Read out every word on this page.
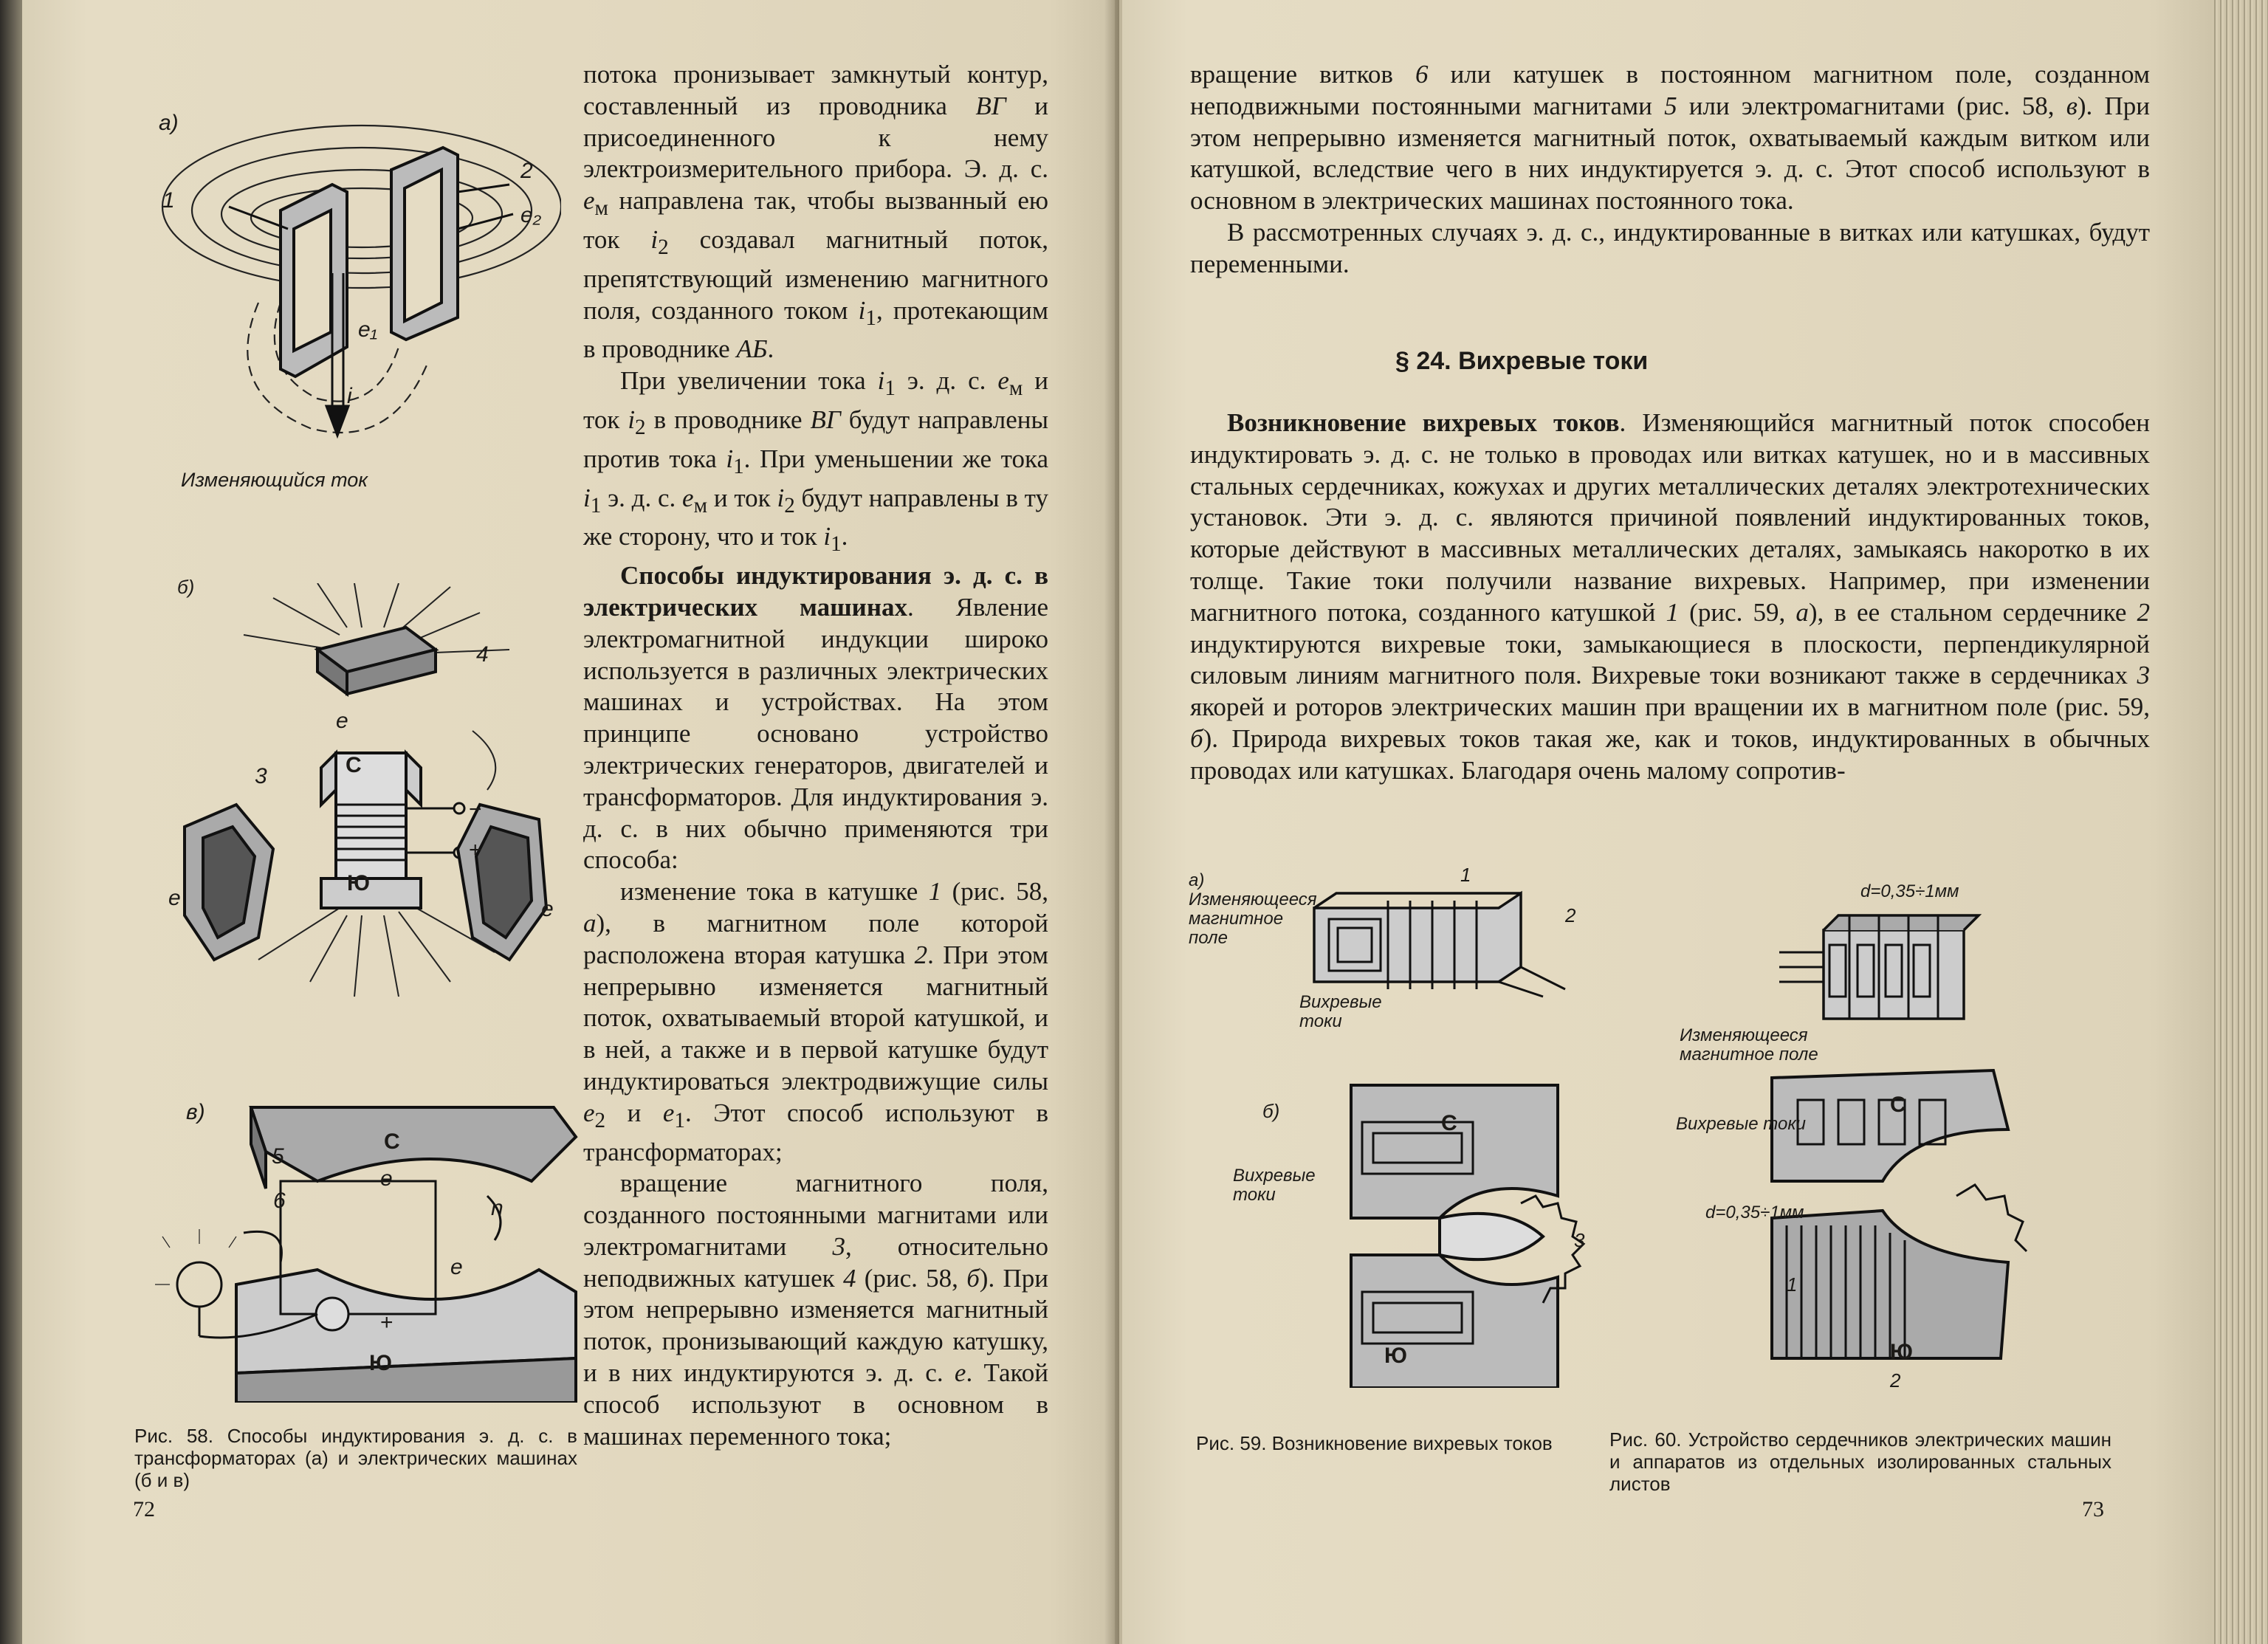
а)
1
2
e₂
e₁
i
Изменяющийся ток
б)
4
e
С
3
−
+
Ю
e	e
в)
5
6
С
e
n
e
+
Ю
Рис. 58. Способы индуктирования э. д. с. в трансформаторах (а) и электрических машинах (б и в)
72

потока пронизывает замкнутый контур, составленный из проводника ВГ и присоединенного к нему электроизмерительного прибора. Э. д. с. $e_м$ направлена так, чтобы вызванный ею ток $i_2$ создавал магнитный поток, препятствующий изменению магнитного поля, созданного током $i_1$, протекающим в проводнике АБ.

При увеличении тока $i_1$ э. д. с. $e_м$ и ток $i_2$ в проводнике ВГ будут направлены против тока $i_1$. При уменьшении же тока $i_1$ э. д. с. $e_м$ и ток $i_2$ будут направлены в ту же сторону, что и ток $i_1$.

Способы индуктирования э. д. с. в электрических машинах. Явление электромагнитной индукции широко используется в различных электрических машинах и устройствах. На этом принципе основано устройство электрических генераторов, двигателей и трансформаторов. Для индуктирования э. д. с. в них обычно применяются три способа:

изменение тока в катушке 1 (рис. 58, а), в магнитном поле которой расположена вторая катушка 2. При этом непрерывно изменяется магнитный поток, охватываемый второй катушкой, и в ней, а также и в первой катушке будут индуктироваться электродвижущие силы $e_2$ и $e_1$. Этот способ используют в трансформаторах;

вращение магнитного поля, созданного постоянными магнитами или электромагнитами 3, относительно неподвижных катушек 4 (рис. 58, б). При этом непрерывно изменяется магнитный поток, пронизывающий каждую катушку, и в них индуктируются э. д. с. e. Такой способ используют в основном в машинах переменного тока;

вращение витков 6 или катушек в постоянном магнитном поле, созданном неподвижными постоянными магнитами 5 или электромагнитами (рис. 58, в). При этом непрерывно изменяется магнитный поток, охватываемый каждым витком или катушкой, вследствие чего в них индуктируется э. д. с. Этот способ используют в основном в электрических машинах постоянного тока.

В рассмотренных случаях э. д. с., индуктированные в витках или катушках, будут переменными.

§ 24. Вихревые токи

Возникновение вихревых токов. Изменяющийся магнитный поток способен индуктировать э. д. с. не только в проводах или витках катушек, но и в массивных стальных сердечниках, кожухах и других металлических деталях электротехнических установок. Эти э. д. с. являются причиной появлений индуктированных токов, которые действуют в массивных металлических деталях, замыкаясь накоротко в их толще. Такие токи получили название вихревых. Например, при изменении магнитного потока, созданного катушкой 1 (рис. 59, а), в ее стальном сердечнике 2 индуктируются вихревые токи, замыкающиеся в плоскости, перпендикулярной силовым линиям магнитного поля. Вихревые токи возникают также в сердечниках 3 якорей и роторов электрических машин при вращении их в магнитном поле (рис. 59, б). Природа вихревых токов такая же, как и токов, индуктированных в обычных проводах или катушках. Благодаря очень малому сопротив-

а) Изменяющееся магнитное поле
1
2
Вихревые токи
б)	С
Вихревые токи
3
Ю
d=0,35÷1мм
Изменяющееся магнитное поле
С
Вихревые токи
d=0,35÷1мм
1
Ю
2
Рис. 59. Возникновение вихревых токов	Рис. 60. Устройство сердечников электрических машин и аппаратов из отдельных изолированных стальных листов
73
